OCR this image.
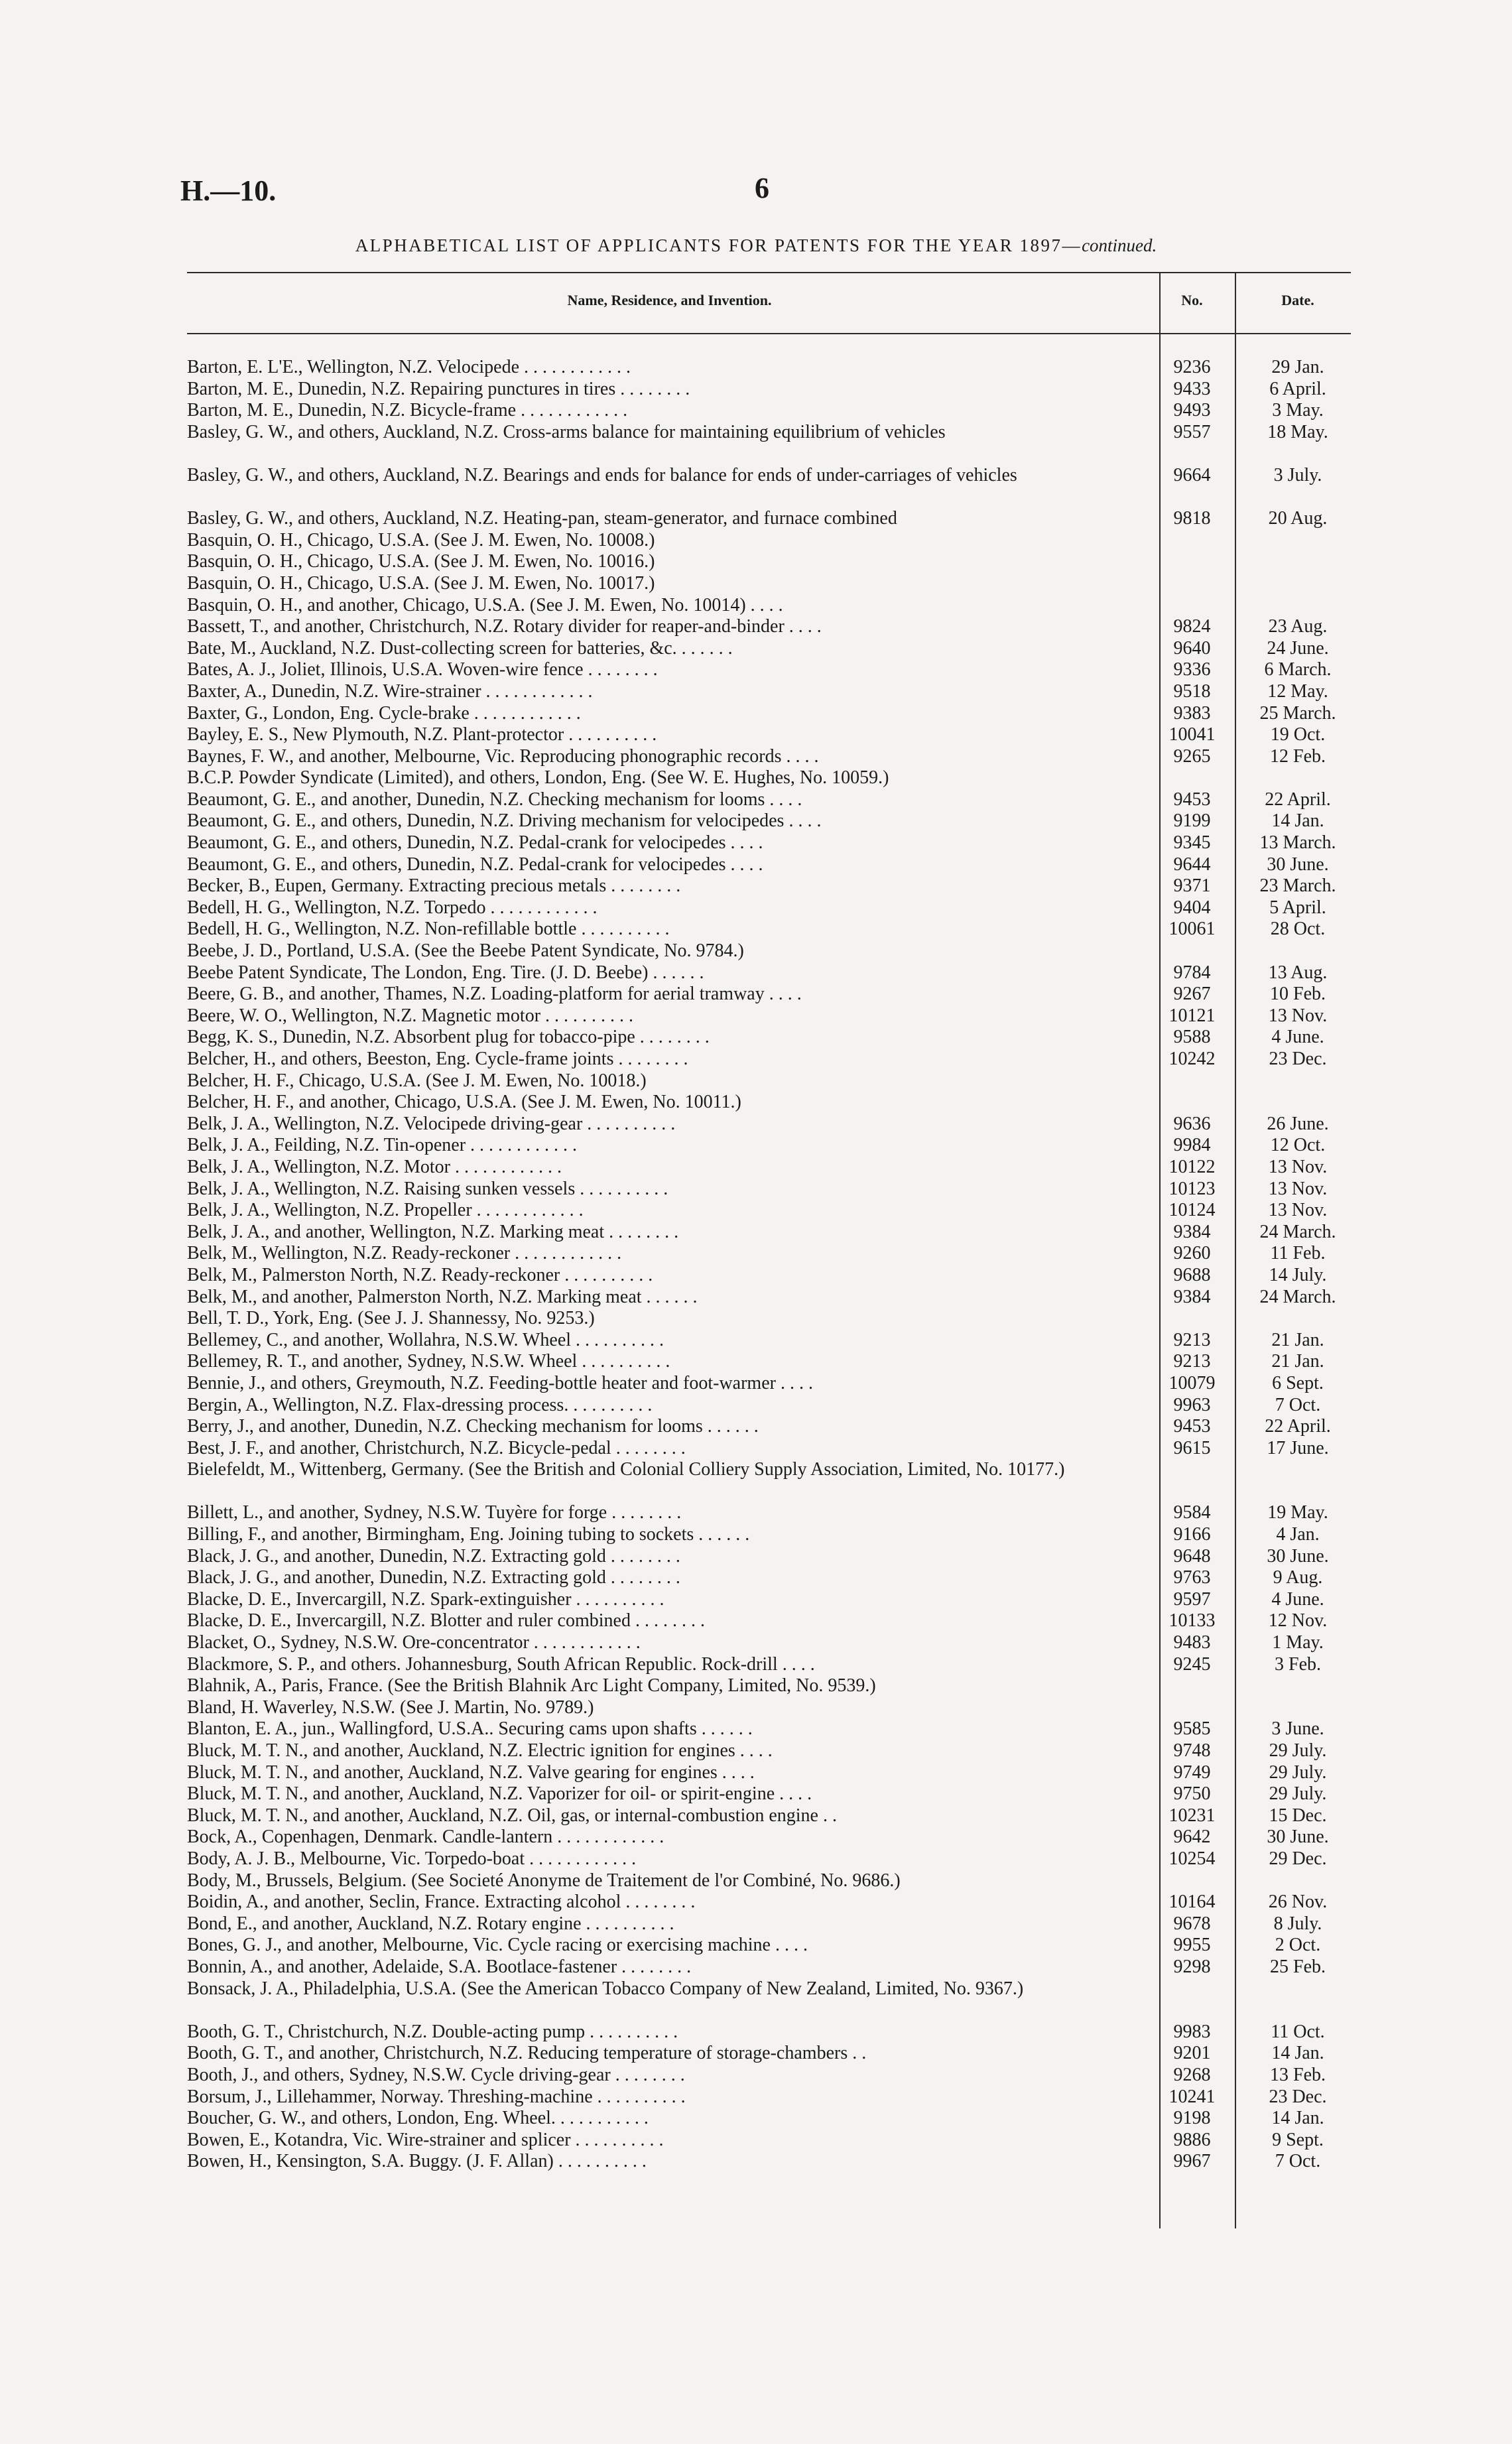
H.—10.	6
ALPHABETICAL LIST OF APPLICANTS FOR PATENTS FOR THE YEAR 1897—continued.
Name, Residence, and Invention.	No.	Date.
Barton, E. L'E., Wellington, N.Z. Velocipede . . . . . . . . . . . .	9236	29 Jan.
Barton, M. E., Dunedin, N.Z. Repairing punctures in tires . . . . . . . .	9433	6 April.
Barton, M. E., Dunedin, N.Z. Bicycle-frame . . . . . . . . . . . .	9493	3 May.
Basley, G. W., and others, Auckland, N.Z. Cross-arms balance for maintaining equilibrium of vehicles	9557	18 May.
Basley, G. W., and others, Auckland, N.Z. Bearings and ends for balance for ends of under-carriages of vehicles	9664	3 July.
Basley, G. W., and others, Auckland, N.Z. Heating-pan, steam-generator, and furnace combined	9818	20 Aug.
Basquin, O. H., Chicago, U.S.A. (See J. M. Ewen, No. 10008.)
Basquin, O. H., Chicago, U.S.A. (See J. M. Ewen, No. 10016.)
Basquin, O. H., Chicago, U.S.A. (See J. M. Ewen, No. 10017.)
Basquin, O. H., and another, Chicago, U.S.A. (See J. M. Ewen, No. 10014) . . . .
Bassett, T., and another, Christchurch, N.Z. Rotary divider for reaper-and-binder . . . .	9824	23 Aug.
Bate, M., Auckland, N.Z. Dust-collecting screen for batteries, &c. . . . . . .	9640	24 June.
Bates, A. J., Joliet, Illinois, U.S.A. Woven-wire fence . . . . . . . .	9336	6 March.
Baxter, A., Dunedin, N.Z. Wire-strainer . . . . . . . . . . . .	9518	12 May.
Baxter, G., London, Eng. Cycle-brake . . . . . . . . . . . .	9383	25 March.
Bayley, E. S., New Plymouth, N.Z. Plant-protector . . . . . . . . . .	10041	19 Oct.
Baynes, F. W., and another, Melbourne, Vic. Reproducing phonographic records . . . .	9265	12 Feb.
B.C.P. Powder Syndicate (Limited), and others, London, Eng. (See W. E. Hughes, No. 10059.)
Beaumont, G. E., and another, Dunedin, N.Z. Checking mechanism for looms . . . .	9453	22 April.
Beaumont, G. E., and others, Dunedin, N.Z. Driving mechanism for velocipedes . . . .	9199	14 Jan.
Beaumont, G. E., and others, Dunedin, N.Z. Pedal-crank for velocipedes . . . .	9345	13 March.
Beaumont, G. E., and others, Dunedin, N.Z. Pedal-crank for velocipedes . . . .	9644	30 June.
Becker, B., Eupen, Germany. Extracting precious metals . . . . . . . .	9371	23 March.
Bedell, H. G., Wellington, N.Z. Torpedo . . . . . . . . . . . .	9404	5 April.
Bedell, H. G., Wellington, N.Z. Non-refillable bottle . . . . . . . . . .	10061	28 Oct.
Beebe, J. D., Portland, U.S.A. (See the Beebe Patent Syndicate, No. 9784.)
Beebe Patent Syndicate, The London, Eng. Tire. (J. D. Beebe) . . . . . .	9784	13 Aug.
Beere, G. B., and another, Thames, N.Z. Loading-platform for aerial tramway . . . .	9267	10 Feb.
Beere, W. O., Wellington, N.Z. Magnetic motor . . . . . . . . . .	10121	13 Nov.
Begg, K. S., Dunedin, N.Z. Absorbent plug for tobacco-pipe . . . . . . . .	9588	4 June.
Belcher, H., and others, Beeston, Eng. Cycle-frame joints . . . . . . . .	10242	23 Dec.
Belcher, H. F., Chicago, U.S.A. (See J. M. Ewen, No. 10018.)
Belcher, H. F., and another, Chicago, U.S.A. (See J. M. Ewen, No. 10011.)
Belk, J. A., Wellington, N.Z. Velocipede driving-gear . . . . . . . . . .	9636	26 June.
Belk, J. A., Feilding, N.Z. Tin-opener . . . . . . . . . . . .	9984	12 Oct.
Belk, J. A., Wellington, N.Z. Motor . . . . . . . . . . . .	10122	13 Nov.
Belk, J. A., Wellington, N.Z. Raising sunken vessels . . . . . . . . . .	10123	13 Nov.
Belk, J. A., Wellington, N.Z. Propeller . . . . . . . . . . . .	10124	13 Nov.
Belk, J. A., and another, Wellington, N.Z. Marking meat . . . . . . . .	9384	24 March.
Belk, M., Wellington, N.Z. Ready-reckoner . . . . . . . . . . . .	9260	11 Feb.
Belk, M., Palmerston North, N.Z. Ready-reckoner . . . . . . . . . .	9688	14 July.
Belk, M., and another, Palmerston North, N.Z. Marking meat . . . . . .	9384	24 March.
Bell, T. D., York, Eng. (See J. J. Shannessy, No. 9253.)
Bellemey, C., and another, Wollahra, N.S.W. Wheel . . . . . . . . . .	9213	21 Jan.
Bellemey, R. T., and another, Sydney, N.S.W. Wheel . . . . . . . . . .	9213	21 Jan.
Bennie, J., and others, Greymouth, N.Z. Feeding-bottle heater and foot-warmer . . . .	10079	6 Sept.
Bergin, A., Wellington, N.Z. Flax-dressing process. . . . . . . . . .	9963	7 Oct.
Berry, J., and another, Dunedin, N.Z. Checking mechanism for looms . . . . . .	9453	22 April.
Best, J. F., and another, Christchurch, N.Z. Bicycle-pedal . . . . . . . .	9615	17 June.
Bielefeldt, M., Wittenberg, Germany. (See the British and Colonial Colliery Supply Association, Limited, No. 10177.)
Billett, L., and another, Sydney, N.S.W. Tuyère for forge . . . . . . . .	9584	19 May.
Billing, F., and another, Birmingham, Eng. Joining tubing to sockets . . . . . .	9166	4 Jan.
Black, J. G., and another, Dunedin, N.Z. Extracting gold . . . . . . . .	9648	30 June.
Black, J. G., and another, Dunedin, N.Z. Extracting gold . . . . . . . .	9763	9 Aug.
Blacke, D. E., Invercargill, N.Z. Spark-extinguisher . . . . . . . . . .	9597	4 June.
Blacke, D. E., Invercargill, N.Z. Blotter and ruler combined . . . . . . . .	10133	12 Nov.
Blacket, O., Sydney, N.S.W. Ore-concentrator . . . . . . . . . . . .	9483	1 May.
Blackmore, S. P., and others. Johannesburg, South African Republic. Rock-drill . . . .	9245	3 Feb.
Blahnik, A., Paris, France. (See the British Blahnik Arc Light Company, Limited, No. 9539.)
Bland, H. Waverley, N.S.W. (See J. Martin, No. 9789.)
Blanton, E. A., jun., Wallingford, U.S.A.. Securing cams upon shafts . . . . . .	9585	3 June.
Bluck, M. T. N., and another, Auckland, N.Z. Electric ignition for engines . . . .	9748	29 July.
Bluck, M. T. N., and another, Auckland, N.Z. Valve gearing for engines . . . .	9749	29 July.
Bluck, M. T. N., and another, Auckland, N.Z. Vaporizer for oil- or spirit-engine . . . .	9750	29 July.
Bluck, M. T. N., and another, Auckland, N.Z. Oil, gas, or internal-combustion engine . .	10231	15 Dec.
Bock, A., Copenhagen, Denmark. Candle-lantern . . . . . . . . . . . .	9642	30 June.
Body, A. J. B., Melbourne, Vic. Torpedo-boat . . . . . . . . . . . .	10254	29 Dec.
Body, M., Brussels, Belgium. (See Societé Anonyme de Traitement de l'or Combiné, No. 9686.)
Boidin, A., and another, Seclin, France. Extracting alcohol . . . . . . . .	10164	26 Nov.
Bond, E., and another, Auckland, N.Z. Rotary engine . . . . . . . . . .	9678	8 July.
Bones, G. J., and another, Melbourne, Vic. Cycle racing or exercising machine . . . .	9955	2 Oct.
Bonnin, A., and another, Adelaide, S.A. Bootlace-fastener . . . . . . . .	9298	25 Feb.
Bonsack, J. A., Philadelphia, U.S.A. (See the American Tobacco Company of New Zealand, Limited, No. 9367.)
Booth, G. T., Christchurch, N.Z. Double-acting pump . . . . . . . . . .	9983	11 Oct.
Booth, G. T., and another, Christchurch, N.Z. Reducing temperature of storage-chambers . .	9201	14 Jan.
Booth, J., and others, Sydney, N.S.W. Cycle driving-gear . . . . . . . .	9268	13 Feb.
Borsum, J., Lillehammer, Norway. Threshing-machine . . . . . . . . . .	10241	23 Dec.
Boucher, G. W., and others, London, Eng. Wheel. . . . . . . . . . .	9198	14 Jan.
Bowen, E., Kotandra, Vic. Wire-strainer and splicer . . . . . . . . . .	9886	9 Sept.
Bowen, H., Kensington, S.A. Buggy. (J. F. Allan) . . . . . . . . . .	9967	7 Oct.
